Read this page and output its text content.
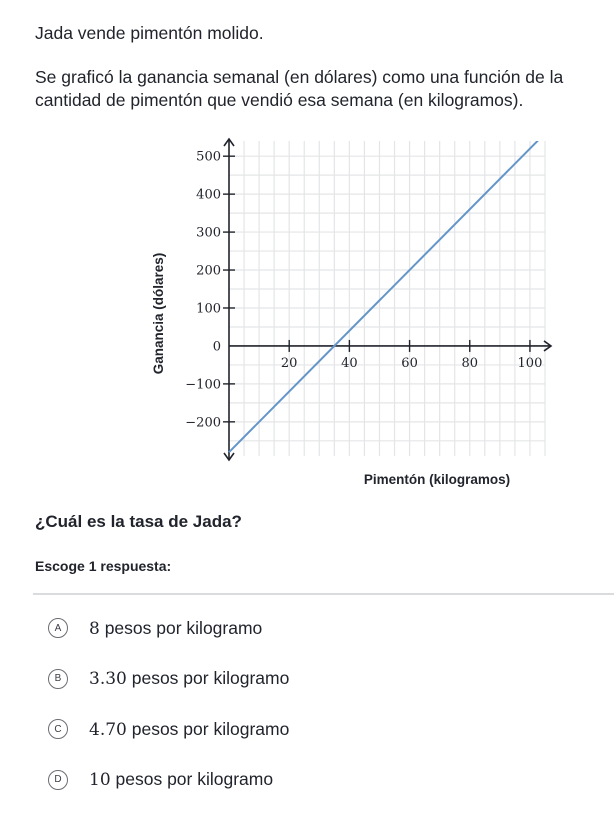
Jada vende pimentón molido.

Se graficó la ganancia semanal (en dólares) como una función de la cantidad de pimentón que vendió esa semana (en kilogramos).

20	40	60	80	100
500
400
300
200
100
0
−100
−200
Pimentón (kilogramos)
Ganancia (dólares)

¿Cuál es la tasa de Jada?

Escoge 1 respuesta:

A	8 pesos por kilogramo
B	3.30 pesos por kilogramo
C	4.70 pesos por kilogramo
D	10 pesos por kilogramo
